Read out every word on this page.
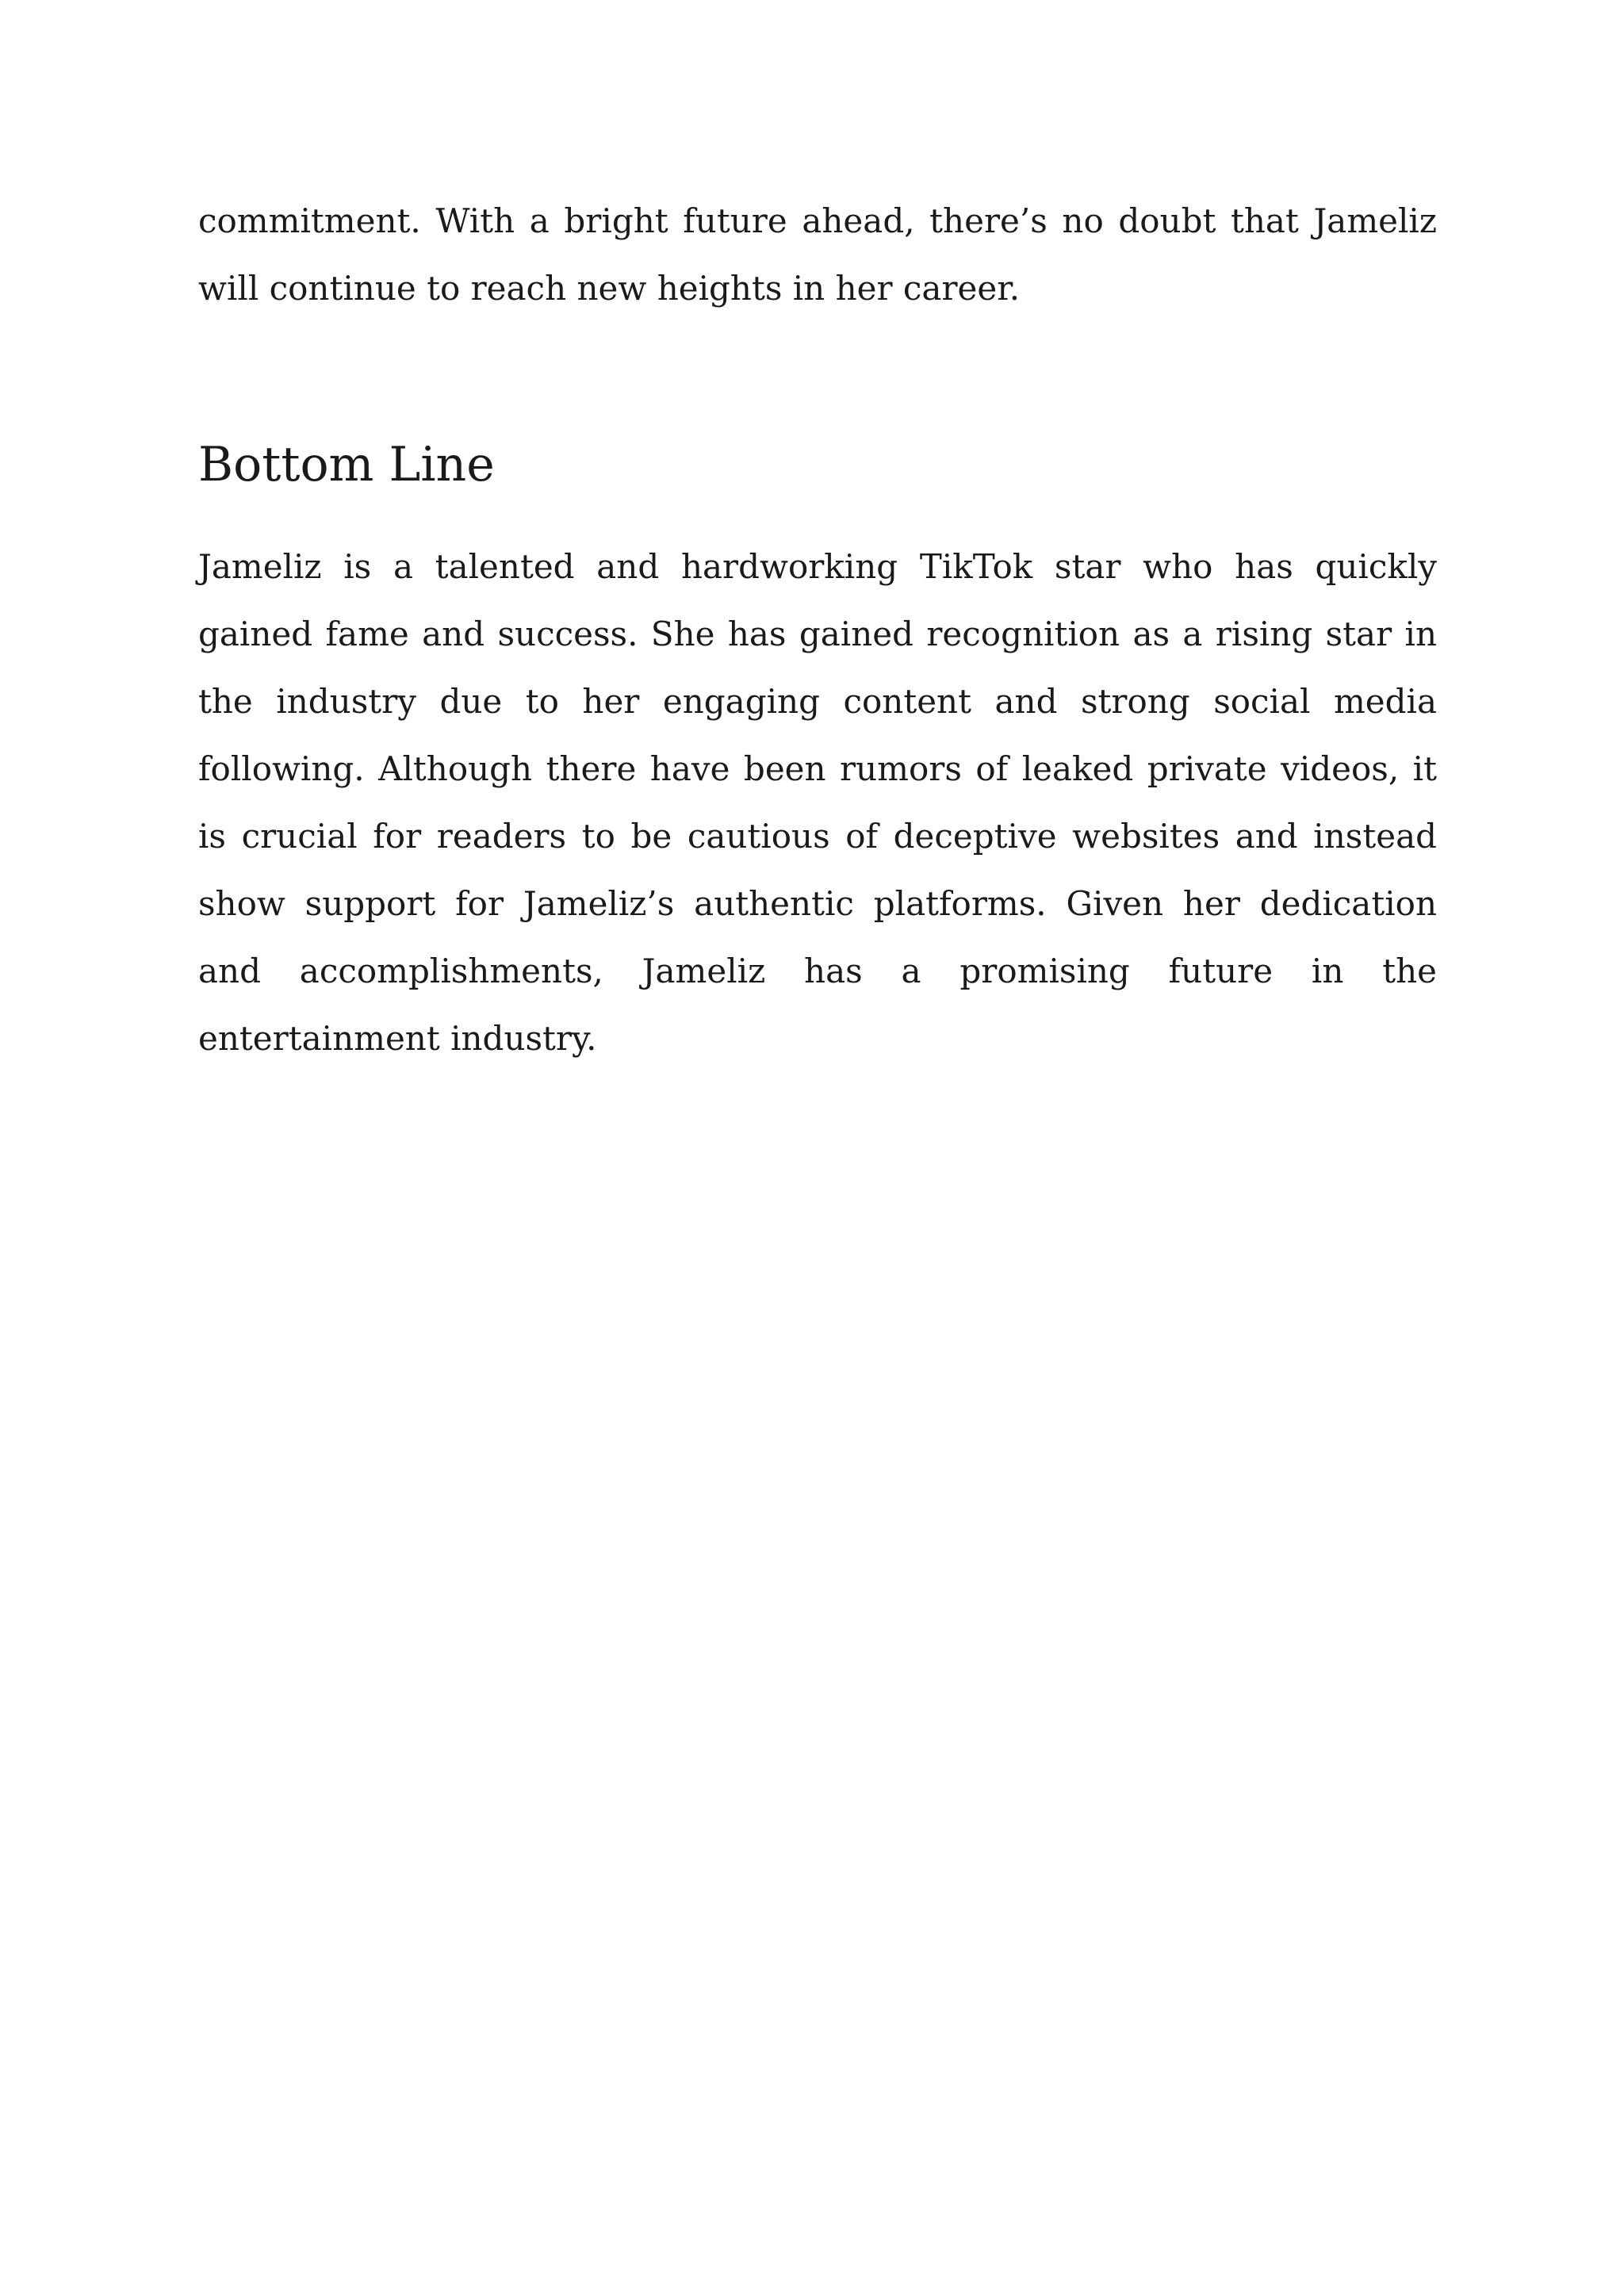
commitment. With a bright future ahead, there’s no doubt that Jameliz will continue to reach new heights in her career.

Bottom Line

Jameliz is a talented and hardworking TikTok star who has quickly gained fame and success. She has gained recognition as a rising star in the industry due to her engaging content and strong social media following. Although there have been rumors of leaked private videos, it is crucial for readers to be cautious of deceptive websites and instead show support for Jameliz’s authentic platforms. Given her dedication and accomplishments, Jameliz has a promising future in the entertainment industry.
